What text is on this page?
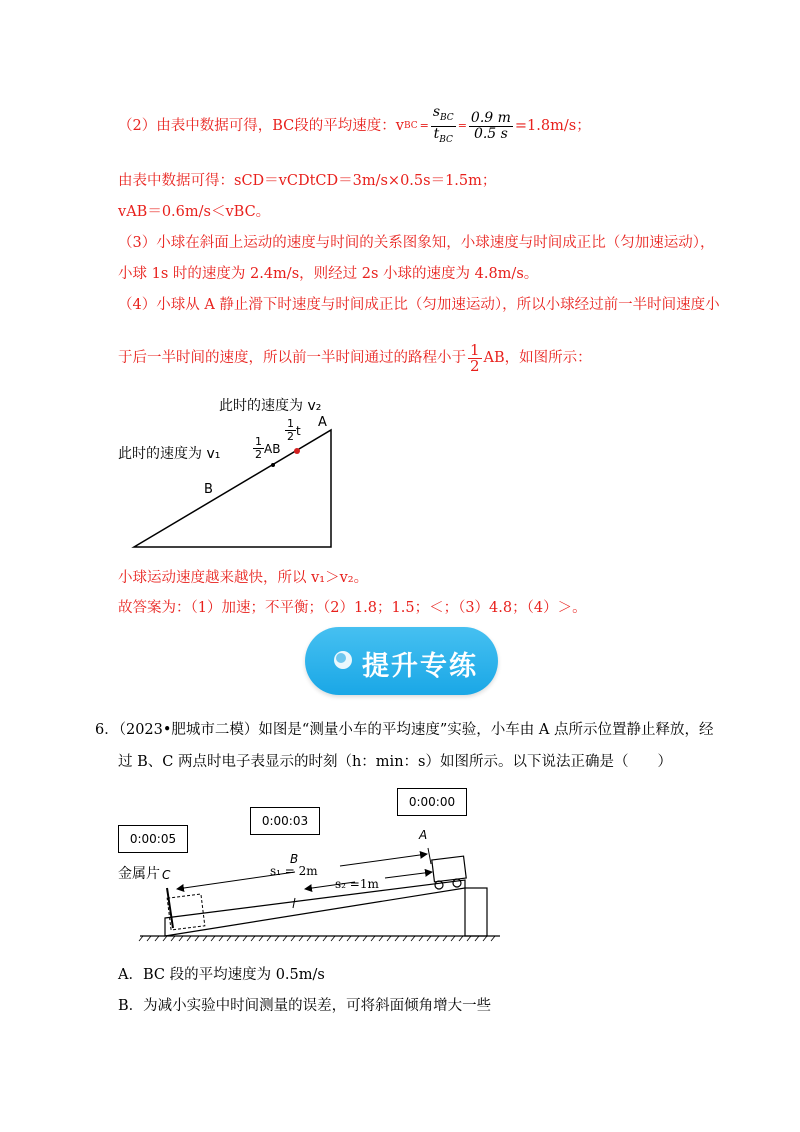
（2）由表中数据可得，BC段的平均速度：v BC = $\frac{s_{BC}}{t_{BC}} = \frac{0.9 m}{0.5 s} =1.8m/s$；
由表中数据可得：sCD＝vCDtCD＝3m/s×0.5s＝1.5m；
vAB＝0.6m/s＜vBC。
（3）小球在斜面上运动的速度与时间的关系图象知，小球速度与时间成正比（匀加速运动），
小球 1s 时的速度为 2.4m/s，则经过 2s 小球的速度为 4.8m/s。
（4）小球从 A 静止滑下时速度与时间成正比（匀加速运动），所以小球经过前一半时间速度小
于后一半时间的速度，所以前一半时间通过的路程小于 $\frac{1}{2}$ AB，如图所示：
此时的速度为 v₂
此时的速度为 v₁	$\frac{1}{2}$ AB
$\frac{1}{2}$ t
A
B
小球运动速度越来越快，所以 v₁＞v₂。
故答案为：（1）加速；不平衡；（2）1.8；1.5；＜；（3）4.8；（4）＞。
提升专练
6．（2023•肥城市二模）如图是“测量小车的平均速度”实验，小车由 A 点所示位置静止释放，经
过 B、C 两点时电子表显示的时刻（h：min：s）如图所示。以下说法正确是（　　）
0:00:05
0:00:03
0:00:00
金属片 C
B
A
s₁ = 2m
s₂ =1m
A．BC 段的平均速度为 0.5m/s
B．为减小实验中时间测量的误差，可将斜面倾角增大一些
